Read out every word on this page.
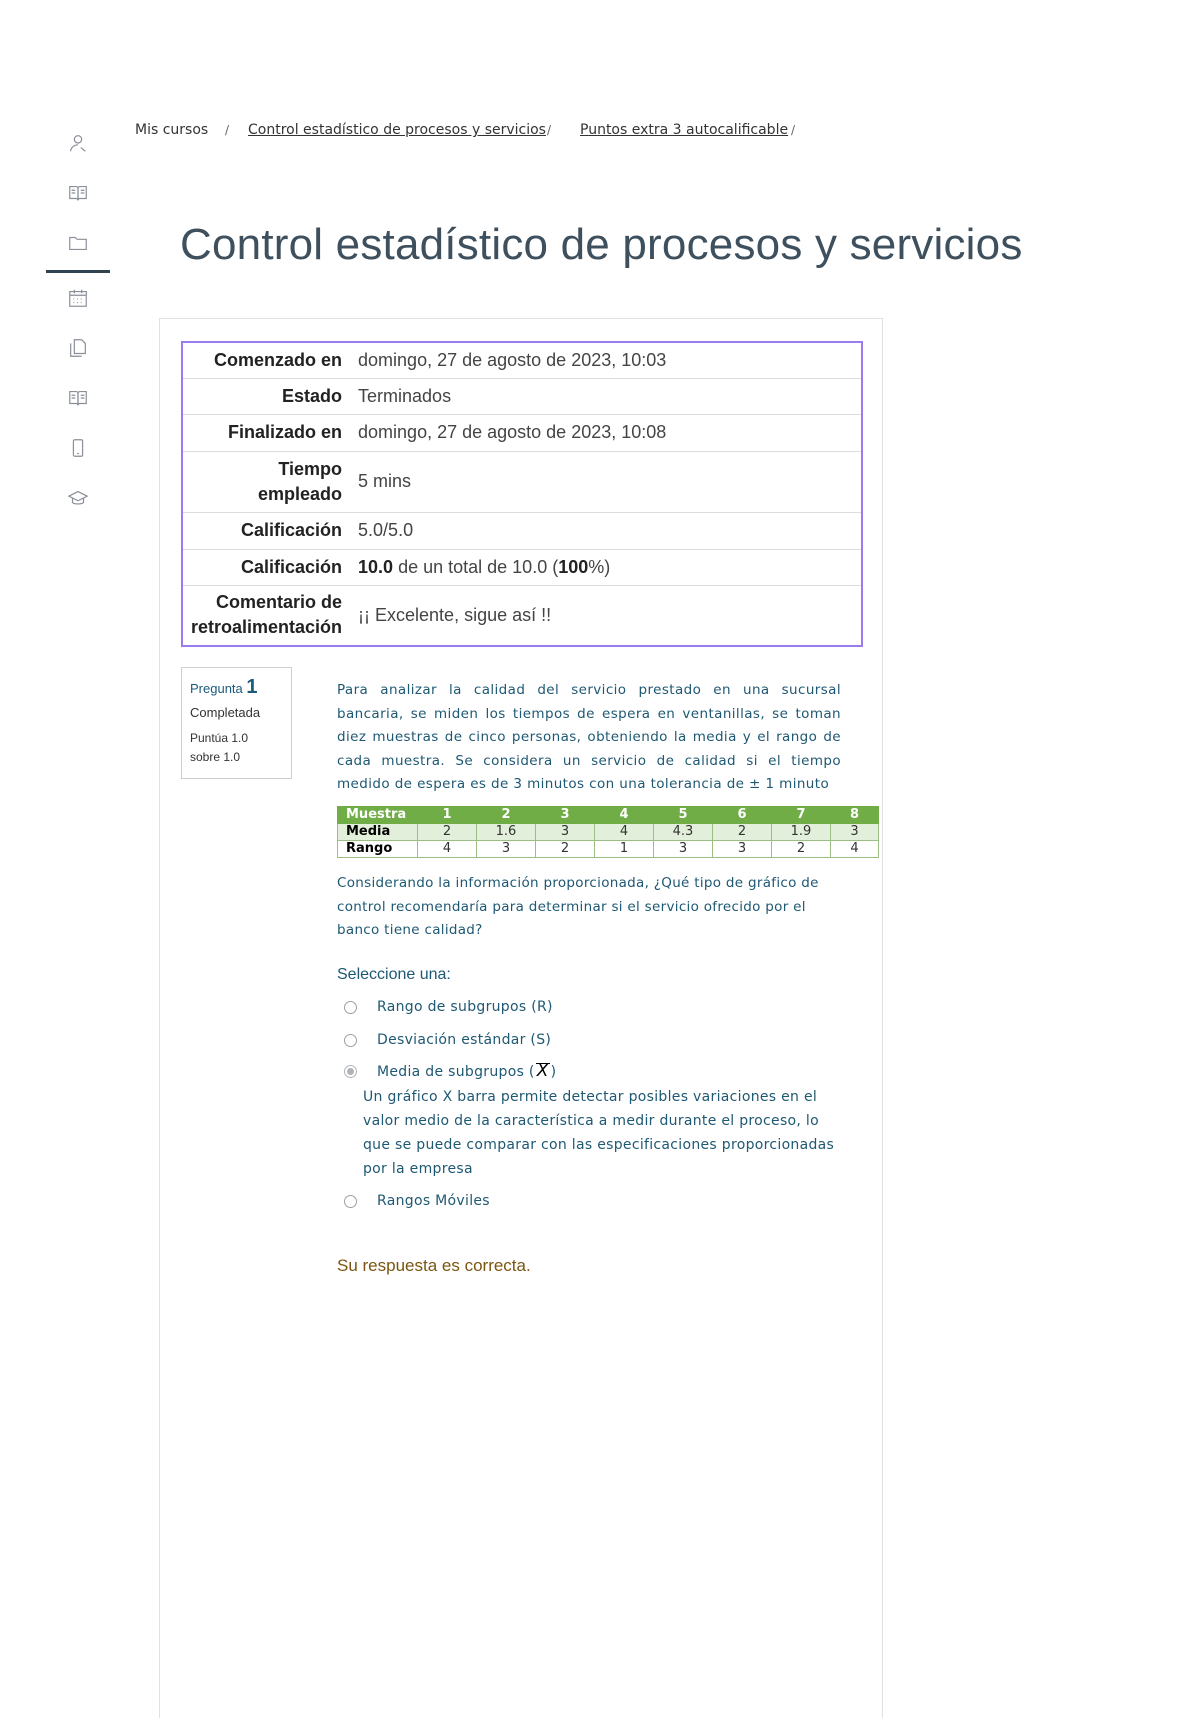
Mis cursos / Control estadístico de procesos y servicios / Puntos extra 3 autocalificable /
Control estadístico de procesos y servicios
Comenzado en	domingo, 27 de agosto de 2023, 10:03
Estado	Terminados
Finalizado en	domingo, 27 de agosto de 2023, 10:08
Tiempo empleado	5 mins
Calificación	5.0/5.0
Calificación	10.0 de un total de 10.0 (100%)
Comentario de retroalimentación	¡¡ Excelente, sigue así !!
Pregunta 1
Completada
Puntúa 1.0
sobre 1.0
Para analizar la calidad del servicio prestado en una sucursal bancaria, se miden los tiempos de espera en ventanillas, se toman diez muestras de cinco personas, obteniendo la media y el rango de cada muestra. Se considera un servicio de calidad si el tiempo medido de espera es de 3 minutos con una tolerancia de ± 1 minuto
Muestra	1	2	3	4	5	6	7	8
Media	2	1.6	3	4	4.3	2	1.9	3
Rango	4	3	2	1	3	3	2	4
Considerando la información proporcionada, ¿Qué tipo de gráfico de control recomendaría para determinar si el servicio ofrecido por el banco tiene calidad?
Seleccione una:
Rango de subgrupos (R)
Desviación estándar (S)
Media de subgrupos ( X )
Un gráfico X barra permite detectar posibles variaciones en el valor medio de la característica a medir durante el proceso, lo que se puede comparar con las especificaciones proporcionadas por la empresa
Rangos Móviles
Su respuesta es correcta.
